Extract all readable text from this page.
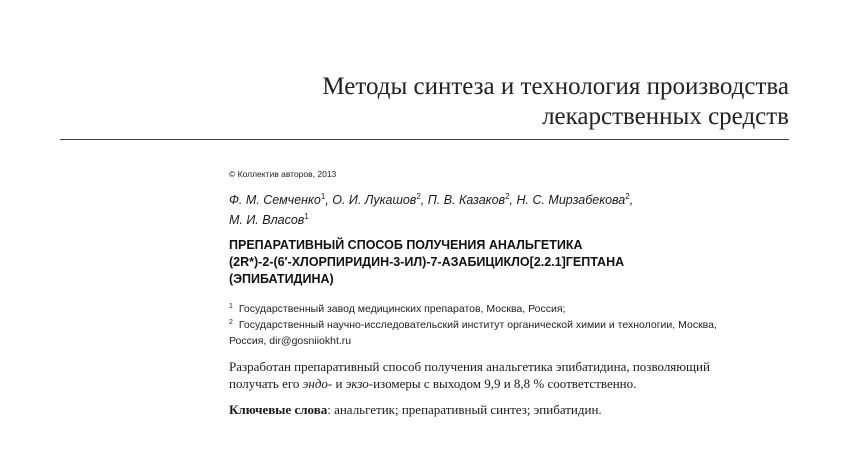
Методы синтеза и технология производства
лекарственных средств
© Коллектив авторов, 2013
Ф. М. Семченко$^1$, О. И. Лукашов$^2$, П. В. Казаков$^2$, Н. С. Мирзабекова$^2$,
М. И. Власов$^1$
ПРЕПАРАТИВНЫЙ СПОСОБ ПОЛУЧЕНИЯ АНАЛЬГЕТИКА
(2R*)-2-(6′-ХЛОРПИРИДИН-3-ИЛ)-7-АЗАБИЦИКЛО[2.2.1]ГЕПТАНА
(ЭПИБАТИДИНА)
$^1$ Государственный завод медицинских препаратов, Москва, Россия;
$^2$ Государственный научно-исследовательский институт органической химии и технологии, Москва,
Россия, dir@gosniiokht.ru
Разработан препаративный способ получения анальгетика эпибатидина, позволяющий
получать его эндо- и экзо-изомеры с выходом 9,9 и 8,8 % соответственно.
Ключевые слова: анальгетик; препаративный синтез; эпибатидин.
